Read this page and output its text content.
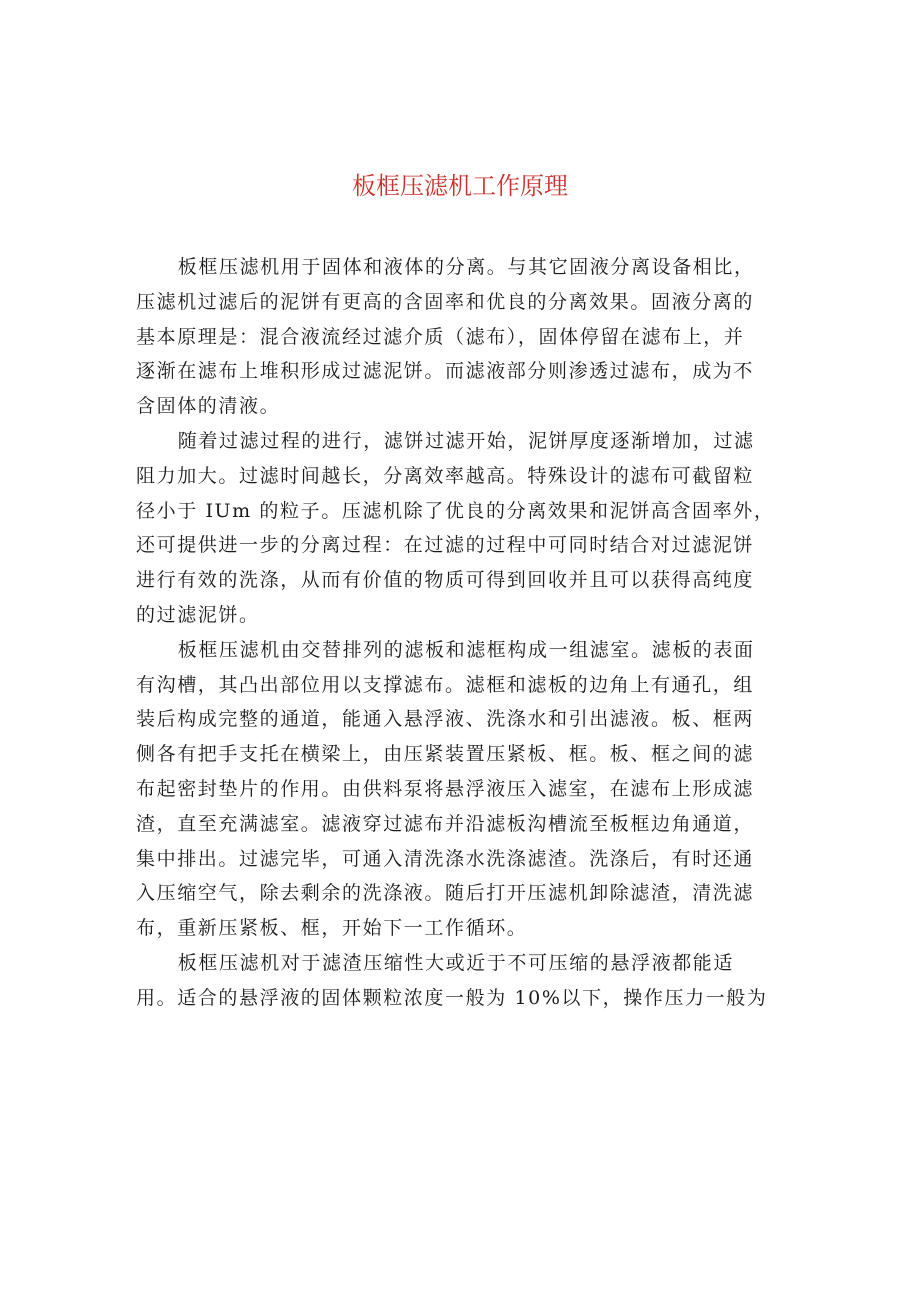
板框压滤机工作原理

板框压滤机用于固体和液体的分离。与其它固液分离设备相比，
压滤机过滤后的泥饼有更高的含固率和优良的分离效果。固液分离的
基本原理是：混合液流经过滤介质（滤布），固体停留在滤布上，并
逐渐在滤布上堆积形成过滤泥饼。而滤液部分则渗透过滤布，成为不
含固体的清液。

随着过滤过程的进行，滤饼过滤开始，泥饼厚度逐渐增加，过滤
阻力加大。过滤时间越长，分离效率越高。特殊设计的滤布可截留粒
径小于 IUm 的粒子。压滤机除了优良的分离效果和泥饼高含固率外，
还可提供进一步的分离过程：在过滤的过程中可同时结合对过滤泥饼
进行有效的洗涤，从而有价值的物质可得到回收并且可以获得高纯度
的过滤泥饼。

板框压滤机由交替排列的滤板和滤框构成一组滤室。滤板的表面
有沟槽，其凸出部位用以支撑滤布。滤框和滤板的边角上有通孔，组
装后构成完整的通道，能通入悬浮液、洗涤水和引出滤液。板、框两
侧各有把手支托在横梁上，由压紧装置压紧板、框。板、框之间的滤
布起密封垫片的作用。由供料泵将悬浮液压入滤室，在滤布上形成滤
渣，直至充满滤室。滤液穿过滤布并沿滤板沟槽流至板框边角通道，
集中排出。过滤完毕，可通入清洗涤水洗涤滤渣。洗涤后，有时还通
入压缩空气，除去剩余的洗涤液。随后打开压滤机卸除滤渣，清洗滤
布，重新压紧板、框，开始下一工作循环。

板框压滤机对于滤渣压缩性大或近于不可压缩的悬浮液都能适
用。适合的悬浮液的固体颗粒浓度一般为 10%以下，操作压力一般为
